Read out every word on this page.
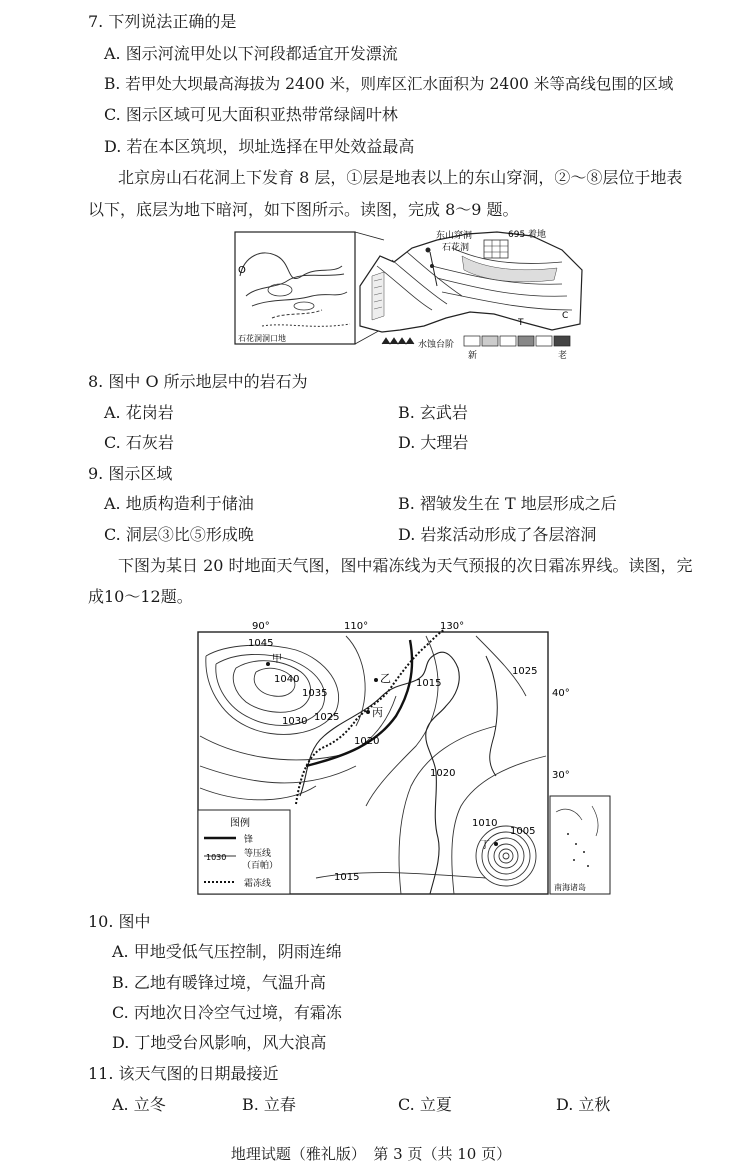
7. 下列说法正确的是
A. 图示河流甲处以下河段都适宜开发漂流
B. 若甲处大坝最高海拔为 2400 米，则库区汇水面积为 2400 米等高线包围的区域
C. 图示区域可见大面积亚热带常绿阔叶林
D. 若在本区筑坝，坝址选择在甲处效益最高
北京房山石花洞上下发育 8 层，①层是地表以上的东山穿洞，②～⑧层位于地表
以下，底层为地下暗河，如下图所示。读图，完成 8～9 题。
O
石花洞洞口地
东山穿洞
石花洞
695 着地
T
C
水蚀台阶
新	老
8. 图中 O 所示地层中的岩石为
A. 花岗岩	B. 玄武岩
C. 石灰岩	D. 大理岩
9. 图示区域
A. 地质构造利于储油	B. 褶皱发生在 T 地层形成之后
C. 洞层③比⑤形成晚	D. 岩浆活动形成了各层溶洞
下图为某日 20 时地面天气图，图中霜冻线为天气预报的次日霜冻界线。读图，完
成10～12题。
90°	110°	130°
40°
30°
1045
1040
1035
1030 1025
1020
1015
1025
1020
1010
1005
1015
甲
乙
丙
丁
图例
锋
1030 等压线
（百帕）
霜冻线	南海诸岛
10. 图中
A. 甲地受低气压控制，阴雨连绵
B. 乙地有暖锋过境，气温升高
C. 丙地次日冷空气过境，有霜冻
D. 丁地受台风影响，风大浪高
11. 该天气图的日期最接近
A. 立冬	B. 立春	C. 立夏	D. 立秋
地理试题（雅礼版）　第 3 页（共 10 页）
